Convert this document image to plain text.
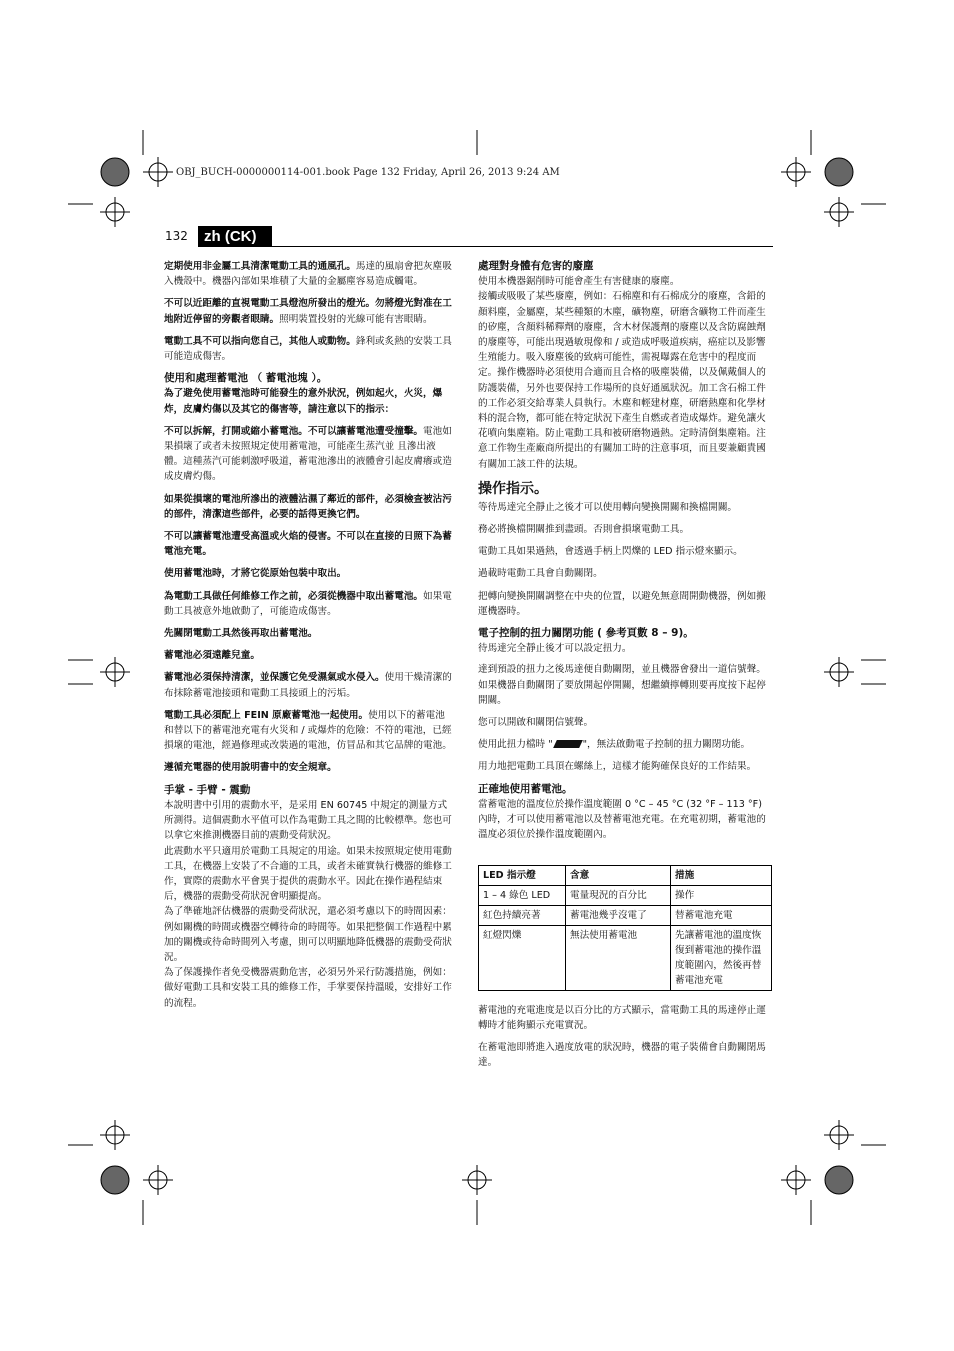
OBJ_BUCH-0000000114-001.book Page 132 Friday, April 26, 2013 9:24 AM
132	zh (CK)

定期使用非金屬工具清潔電動工具的通風孔。馬達的風扇會把灰塵吸入機殼中。機器內部如果堆積了大量的金屬塵容易造成觸電。

不可以近距離的直視電動工具燈泡所發出的燈光。勿將燈光對准在工地附近停留的旁觀者眼睛。照明裝置投射的光線可能有害眼睛。

電動工具不可以指向您自己，其他人或動物。鋒利或炙熱的安裝工具可能造成傷害。

使用和處理蓄電池 （ 蓄電池塊 ）。

為了避免使用蓄電池時可能發生的意外狀況，例如起火，火災，爆炸，皮膚灼傷以及其它的傷害等，請注意以下的指示：

不可以拆解，打開或縮小蓄電池。不可以讓蓄電池遭受撞擊。電池如果損壞了或者未按照規定使用蓄電池，可能產生蒸汽並 且滲出液體。這種蒸汽可能刺激呼吸道，蓄電池滲出的液體會引起皮膚癢或造成皮膚灼傷。

如果從損壞的電池所滲出的液體沾濕了鄰近的部件，必須檢查被沾污的部件，清潔這些部件，必要的話得更換它們。

不可以讓蓄電池遭受高溫或火焰的侵害。不可以在直接的日照下為蓄電池充電。

使用蓄電池時，才將它從原始包裝中取出。

為電動工具做任何維修工作之前，必須從機器中取出蓄電池。如果電動工具被意外地啟動了，可能造成傷害。

先關閉電動工具然後再取出蓄電池。

蓄電池必須遠離兒童。

蓄電池必須保持清潔，並保護它免受濕氣或水侵入。使用干燥清潔的布抹除蓄電池接頭和電動工具接頭上的污垢。

電動工具必須配上 FEIN 原廠蓄電池一起使用。使用以下的蓄電池和替以下的蓄電池充電有火災和 / 或爆炸的危險：不符的電池，已經損壞的電池，經過修理或改裝過的電池，仿冒品和其它品牌的電池。

遵循充電器的使用說明書中的安全規章。

手掌 - 手臂 - 震動

本說明書中引用的震動水平，是采用 EN 60745 中規定的測量方式所測得。這個震動水平值可以作為電動工具之間的比較標準。您也可以拿它來推測機器目前的震動受荷狀況。

此震動水平只適用於電動工具規定的用途。如果未按照規定使用電動工具，在機器上安裝了不合適的工具，或者未確實執行機器的維修工作，實際的震動水平會異于提供的震動水平。因此在操作過程結束后，機器的震動受荷狀況會明顯提高。

為了準確地評估機器的震動受荷狀況，還必須考慮以下的時間因素：例如關機的時間或機器空轉待命的時間等。如果把整個工作過程中累加的關機或待命時間列入考慮，則可以明顯地降低機器的震動受荷狀況。

為了保護操作者免受機器震動危害，必須另外采行防護措施，例如：做好電動工具和安裝工具的維修工作，手掌要保持溫暖，安排好工作的流程。

處理對身體有危害的廢塵

使用本機器鋸削時可能會產生有害健康的廢塵。

接觸或吸吸了某些廢塵，例如：石棉塵和有石棉成分的廢塵，含鉛的顏料塵，金屬塵，某些種類的木塵，礦物塵，研磨含礦物工件而產生的矽塵，含顏料稀釋劑的廢塵，含木材保護劑的廢塵以及含防腐蝕劑的廢塵等，可能出現過敏現像和 / 或造成呼吸道疾病，癌症以及影響生殖能力。吸入廢塵後的致病可能性，需視曝露在危害中的程度而定。操作機器時必須使用合適而且合格的吸塵裝備，以及佩戴個人的防護裝備，另外也要保持工作場所的良好通風狀況。加工含石棉工件的工作必須交給專業人員執行。木塵和輕建材塵，研磨熱塵和化學材料的混合物，都可能在特定狀況下產生自燃或者造成爆炸。避免讓火花噴向集塵箱。防止電動工具和被研磨物過熱。定時清倒集塵箱。注意工作物生產廠商所提出的有關加工時的注意事項，而且要兼顧貴國有關加工該工件的法規。

操作指示。

等待馬達完全靜止之後才可以使用轉向變換開關和換檔開關。

務必將換檔開關推到盡頭。否則會損壞電動工具。

電動工具如果過熱，會透過手柄上閃爍的 LED 指示燈來顯示。

過載時電動工具會自動關閉。

把轉向變換開關調整在中央的位置，以避免無意間開動機器，例如搬運機器時。

電子控制的扭力關閉功能 ( 參考頁數 8 – 9)。

待馬達完全靜止後才可以設定扭力。

達到預設的扭力之後馬達便自動關閉，並且機器會發出一道信號聲。如果機器自動關閉了要放開起停開關，想繼續擰轉則要再度按下起停開關。

您可以開啟和關閉信號聲。

使用此扭力檔時 "	"，無法啟動電子控制的扭力關閉功能。

用力地把電動工具頂在螺絲上，這樣才能夠確保良好的工作結果。

正確地使用蓄電池。

當蓄電池的溫度位於操作溫度範圍 0 °C – 45 °C (32 °F – 113 °F) 內時，才可以使用蓄電池以及替蓄電池充電。在充電初期，蓄電池的溫度必須位於操作溫度範圍內。

LED 指示燈	含意	措施
1 – 4 綠色 LED	電量現況的百分比	操作
紅色持續亮著	蓄電池幾乎沒電了	替蓄電池充電
紅燈閃爍	無法使用蓄電池	先讓蓄電池的溫度恢復到蓄電池的操作溫度範圍內，然後再替蓄電池充電

蓄電池的充電進度是以百分比的方式顯示，當電動工具的馬達停止運轉時才能夠顯示充電實況。

在蓄電池即將進入過度放電的狀況時，機器的電子裝備會自動關閉馬達。
